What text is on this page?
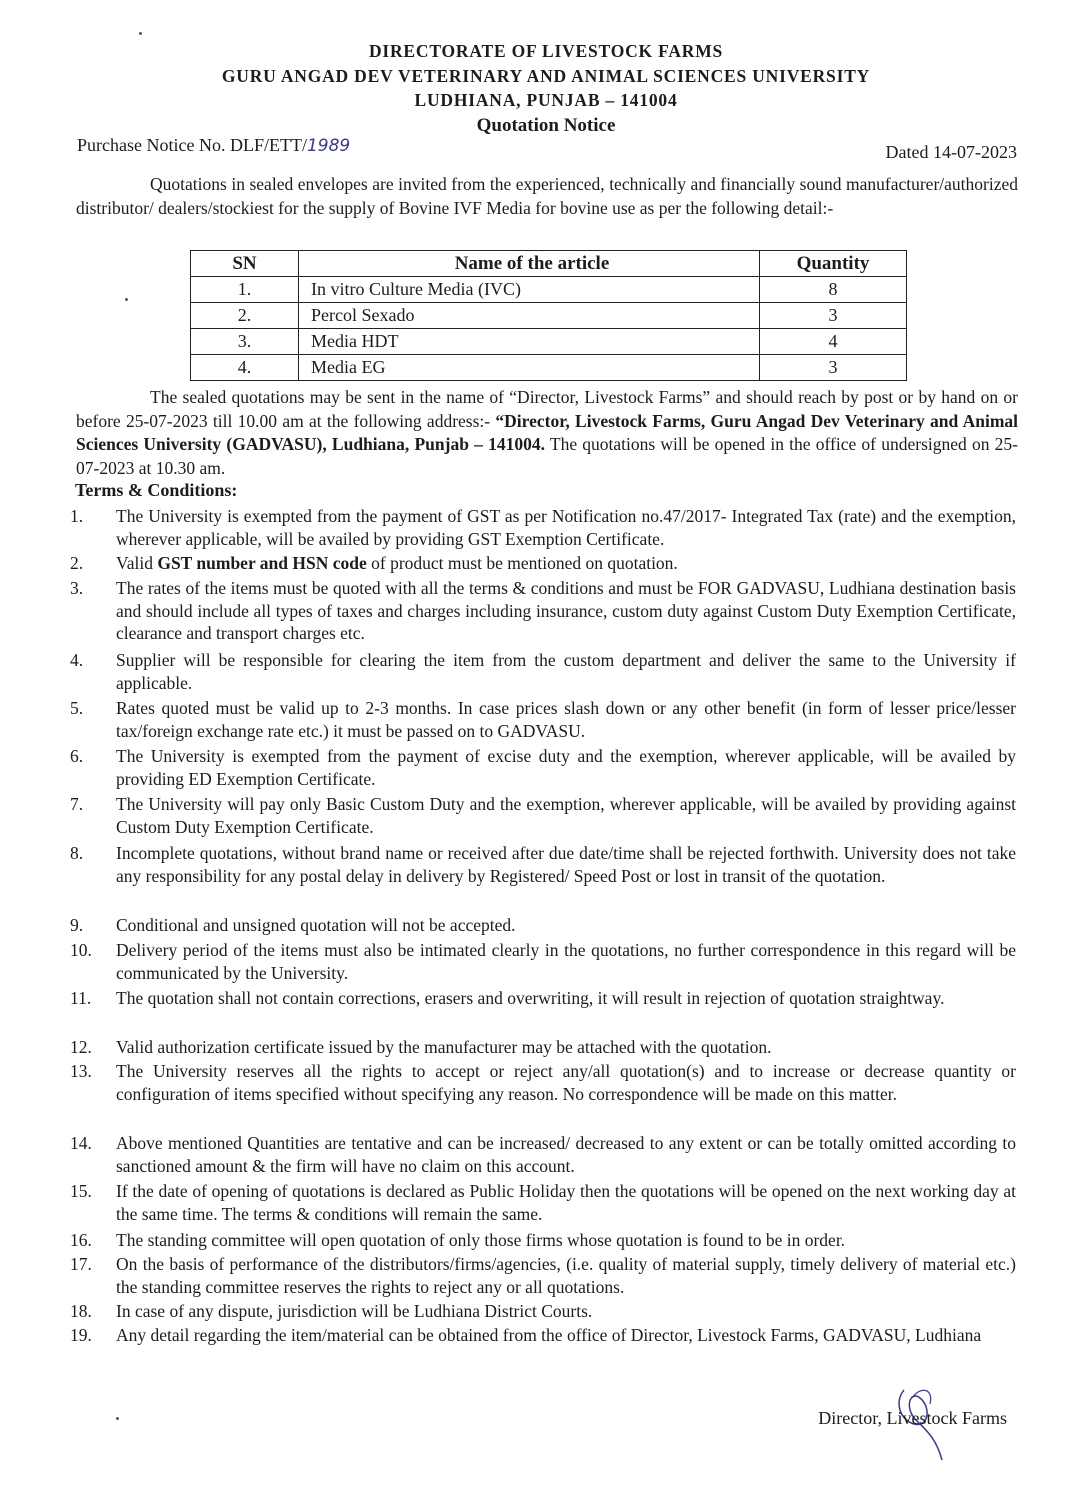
DIRECTORATE OF LIVESTOCK FARMS
GURU ANGAD DEV VETERINARY AND ANIMAL SCIENCES UNIVERSITY
LUDHIANA, PUNJAB – 141004
Quotation Notice
Purchase Notice No. DLF/ETT/1989	Dated 14-07-2023
Quotations in sealed envelopes are invited from the experienced, technically and financially sound manufacturer/authorized distributor/ dealers/stockiest for the supply of Bovine IVF Media for bovine use as per the following detail:-
SN	Name of the article	Quantity
1.	In vitro Culture Media (IVC)	8
2.	Percol Sexado	3
3.	Media HDT	4
4.	Media EG	3
The sealed quotations may be sent in the name of “Director, Livestock Farms” and should reach by post or by hand on or before 25-07-2023 till 10.00 am at the following address:- “Director, Livestock Farms, Guru Angad Dev Veterinary and Animal Sciences University (GADVASU), Ludhiana, Punjab – 141004. The quotations will be opened in the office of undersigned on 25-07-2023 at 10.30 am.
Terms & Conditions:
1.	The University is exempted from the payment of GST as per Notification no.47/2017- Integrated Tax (rate) and the exemption, wherever applicable, will be availed by providing GST Exemption Certificate.
2.	Valid GST number and HSN code of product must be mentioned on quotation.
3.	The rates of the items must be quoted with all the terms & conditions and must be FOR GADVASU, Ludhiana destination basis and should include all types of taxes and charges including insurance, custom duty against Custom Duty Exemption Certificate, clearance and transport charges etc.
4.	Supplier will be responsible for clearing the item from the custom department and deliver the same to the University if applicable.
5.	Rates quoted must be valid up to 2-3 months. In case prices slash down or any other benefit (in form of lesser price/lesser tax/foreign exchange rate etc.) it must be passed on to GADVASU.
6.	The University is exempted from the payment of excise duty and the exemption, wherever applicable, will be availed by providing ED Exemption Certificate.
7.	The University will pay only Basic Custom Duty and the exemption, wherever applicable, will be availed by providing against Custom Duty Exemption Certificate.
8.	Incomplete quotations, without brand name or received after due date/time shall be rejected forthwith. University does not take any responsibility for any postal delay in delivery by Registered/ Speed Post or lost in transit of the quotation.
9.	Conditional and unsigned quotation will not be accepted.
10.	Delivery period of the items must also be intimated clearly in the quotations, no further correspondence in this regard will be communicated by the University.
11.	The quotation shall not contain corrections, erasers and overwriting, it will result in rejection of quotation straightway.
12.	Valid authorization certificate issued by the manufacturer may be attached with the quotation.
13.	The University reserves all the rights to accept or reject any/all quotation(s) and to increase or decrease quantity or configuration of items specified without specifying any reason. No correspondence will be made on this matter.
14.	Above mentioned Quantities are tentative and can be increased/ decreased to any extent or can be totally omitted according to sanctioned amount & the firm will have no claim on this account.
15.	If the date of opening of quotations is declared as Public Holiday then the quotations will be opened on the next working day at the same time. The terms & conditions will remain the same.
16.	The standing committee will open quotation of only those firms whose quotation is found to be in order.
17.	On the basis of performance of the distributors/firms/agencies, (i.e. quality of material supply, timely delivery of material etc.) the standing committee reserves the rights to reject any or all quotations.
18.	In case of any dispute, jurisdiction will be Ludhiana District Courts.
19.	Any detail regarding the item/material can be obtained from the office of Director, Livestock Farms, GADVASU, Ludhiana
Director, Livestock Farms
